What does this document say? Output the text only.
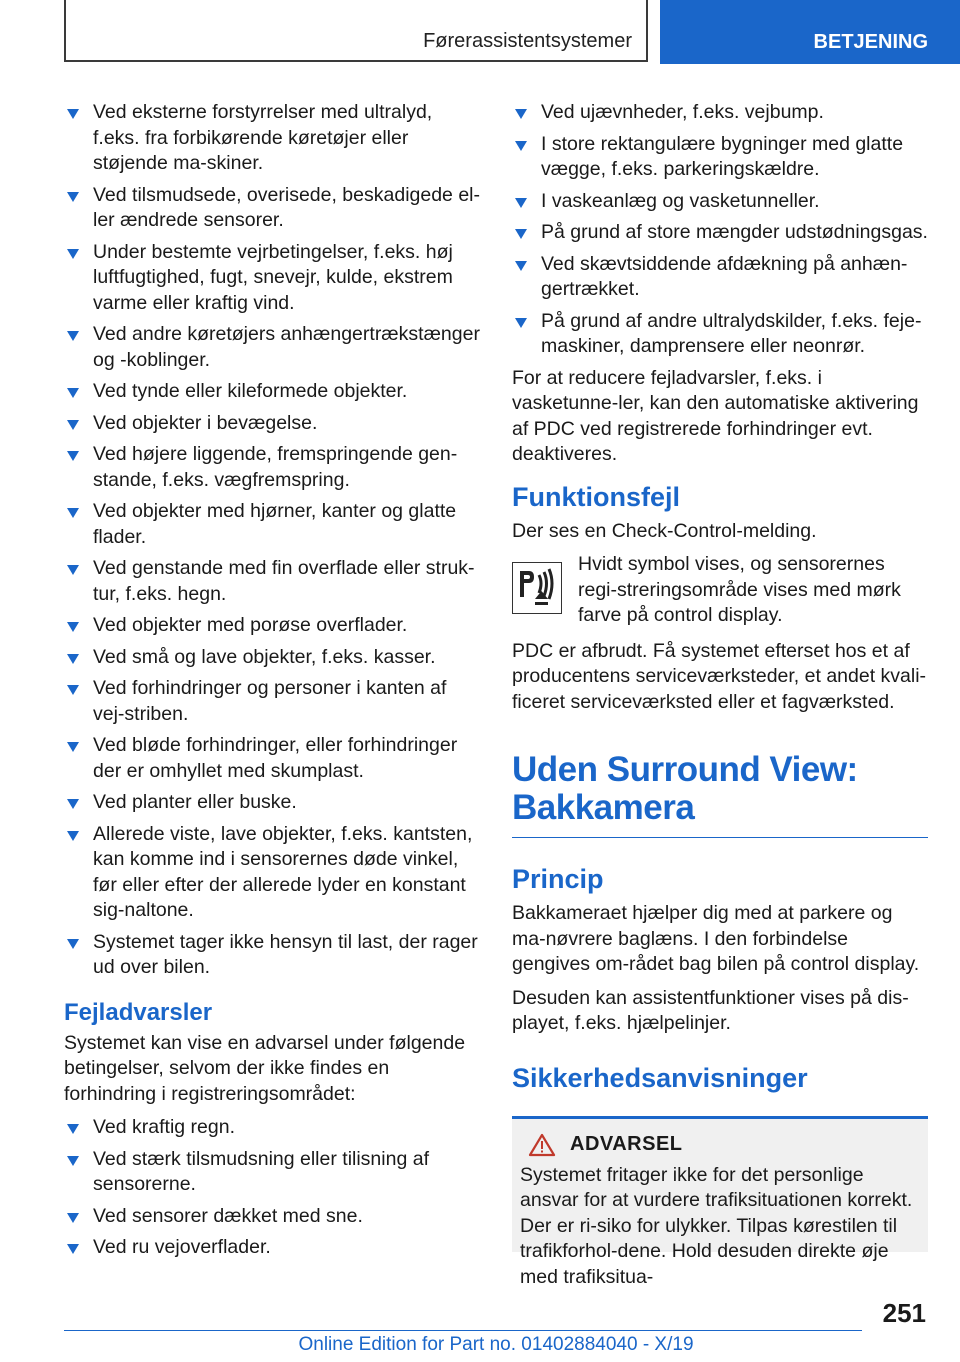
Førerassistentsystemer	BETJENING
Ved eksterne forstyrrelser med ultralyd, f.eks. fra forbikørende køretøjer eller støjende ma-skiner.
Ved tilsmudsede, overisede, beskadigede el-ler ændrede sensorer.
Under bestemte vejrbetingelser, f.eks. høj luftfugtighed, fugt, snevejr, kulde, ekstrem varme eller kraftig vind.
Ved andre køretøjers anhængertrækstænger og -koblinger.
Ved tynde eller kileformede objekter.
Ved objekter i bevægelse.
Ved højere liggende, fremspringende gen-stande, f.eks. vægfremspring.
Ved objekter med hjørner, kanter og glatte flader.
Ved genstande med fin overflade eller struk-tur, f.eks. hegn.
Ved objekter med porøse overflader.
Ved små og lave objekter, f.eks. kasser.
Ved forhindringer og personer i kanten af vej-striben.
Ved bløde forhindringer, eller forhindringer der er omhyllet med skumplast.
Ved planter eller buske.
Allerede viste, lave objekter, f.eks. kantsten, kan komme ind i sensorernes døde vinkel, før eller efter der allerede lyder en konstant sig-naltone.
Systemet tager ikke hensyn til last, der rager ud over bilen.
Fejladvarsler

Systemet kan vise en advarsel under følgende betingelser, selvom der ikke findes en forhindring i registreringsområdet:

Ved kraftig regn.
Ved stærk tilsmudsning eller tilisning af sensorerne.
Ved sensorer dækket med sne.
Ved ru vejoverflader.
Ved ujævnheder, f.eks. vejbump.
I store rektangulære bygninger med glatte vægge, f.eks. parkeringskældre.
I vaskeanlæg og vasketunneller.
På grund af store mængder udstødningsgas.
Ved skævtsiddende afdækning på anhæn-gertrækket.
På grund af andre ultralydskilder, f.eks. feje-maskiner, damprensere eller neonrør.

For at reducere fejladvarsler, f.eks. i vasketunne-ler, kan den automatiske aktivering af PDC ved registrerede forhindringer evt. deaktiveres.

Funktionsfejl

Der ses en Check-Control-melding.

Hvidt symbol vises, og sensorernes regi-streringsområde vises med mørk farve på control display.

PDC er afbrudt. Få systemet efterset hos et af producentens serviceværksteder, et andet kvali-ficeret serviceværksted eller et fagværksted.

Uden Surround View:
Bakkamera
Princip

Bakkameraet hjælper dig med at parkere og ma-nøvrere baglæns. I den forbindelse gengives om-rådet bag bilen på control display.

Desuden kan assistentfunktioner vises på dis-playet, f.eks. hjælpelinjer.

Sikkerhedsanvisninger
ADVARSEL

Systemet fritager ikke for det personlige ansvar for at vurdere trafiksituationen korrekt. Der er ri-siko for ulykker. Tilpas kørestilen til trafikforhol-dene. Hold desuden direkte øje med trafiksitua-

251
Online Edition for Part no. 01402884040 - X/19
